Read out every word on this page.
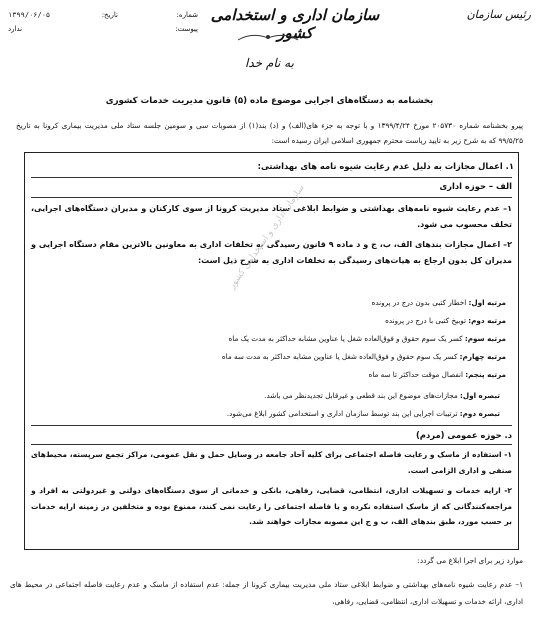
رئیس سازمان
سازمان اداری و استخدامی کشور
شماره:
پیوست:
تاریخ:
۱۳۹۹/۰۶/۰۵
ندارد
به نام خدا
بخشنامه به دستگاه‌های اجرایی موضوع ماده (۵) قانون مدیریت خدمات کشوری
پیرو بخشنامه شماره ۲۰۵۷۳۰ مورخ ۱۳۹۹/۴/۲۴ و با توجه به جزء های(الف) و (د) بند(۱) از مصوبات سی و سومین جلسه ستاد ملی مدیریت بیماری کرونا به تاریخ ۹۹/۵/۲۵ که به شرح زیر به تایید ریاست محترم جمهوری اسلامی ایران رسیده است:
۱. اعمال مجازات به دلیل عدم رعایت شیوه نامه های بهداشتی:
الف – حوزه اداری
۱– عدم رعایت شیوه نامه‌های بهداشتی و ضوابط ابلاغی ستاد مدیریت کرونا از سوی کارکنان و مدیران دستگاه‌های اجرایی، تخلف محسوب می شود.
۲– اعمال مجازات بندهای الف، ب، ج و د ماده ۹ قانون رسیدگی به تخلفات اداری به معاونین بالاترین مقام دستگاه اجرایی و مدیران کل بدون ارجاع به هیات‌های رسیدگی به تخلفات اداری به شرح ذیل است:
مرتبه اول: اخطار کتبی بدون درج در پرونده
مرتبه دوم: توبیخ کتبی با درج در پرونده
مرتبه سوم: کسر یک سوم حقوق و فوق‌العاده شغل یا عناوین مشابه حداکثر به مدت یک ماه
مرتبه چهارم: کسر یک سوم حقوق و فوق‌العاده شغل یا عناوین مشابه حداکثر به مدت سه ماه
مرتبه پنجم: انفصال موقت حداکثر تا سه ماه
تبصره اول: مجازات‌های موضوع این بند قطعی و غیرقابل تجدیدنظر می باشد.
تبصره دوم: ترتیبات اجرایی این بند توسط سازمان اداری و استخدامی کشور ابلاغ می‌شود.
د. حوزه عمومی (مردم)
۱- استفاده از ماسک و رعایت فاصله اجتماعی برای کلیه آحاد جامعه در وسایل حمل و نقل عمومی، مراکز تجمع سرپسته، محیط‌های صنفی و اداری الزامی است.
۲- ارایه خدمات و تسهیلات اداری، انتظامی، قضایی، رفاهی، بانکی و خدماتی از سوی دستگاه‌های دولتی و غیردولتی به افراد و مراجعه‌کنندگانی که از ماسک استفاده نکرده و یا فاصله اجتماعی را رعایت نمی کنند، ممنوع بوده و متخلفین در زمینه ارایه خدمات بر حسب مورد، طبق بندهای الف، ب و ج این مصوبه مجازات خواهند شد.
سازمان اداری و استخدامی کشور
موارد زیر برای اجرا ابلاغ می گردد:
۱– عدم رعایت شیوه نامه‌های بهداشتی و ضوابط ابلاغی ستاد ملی مدیریت بیماری کرونا از جمله: عدم استفاده از ماسک و عدم رعایت فاصله اجتماعی در محیط های اداری، ارائه خدمات و تسهیلات اداری، انتظامی، قضایی، رفاهی،
